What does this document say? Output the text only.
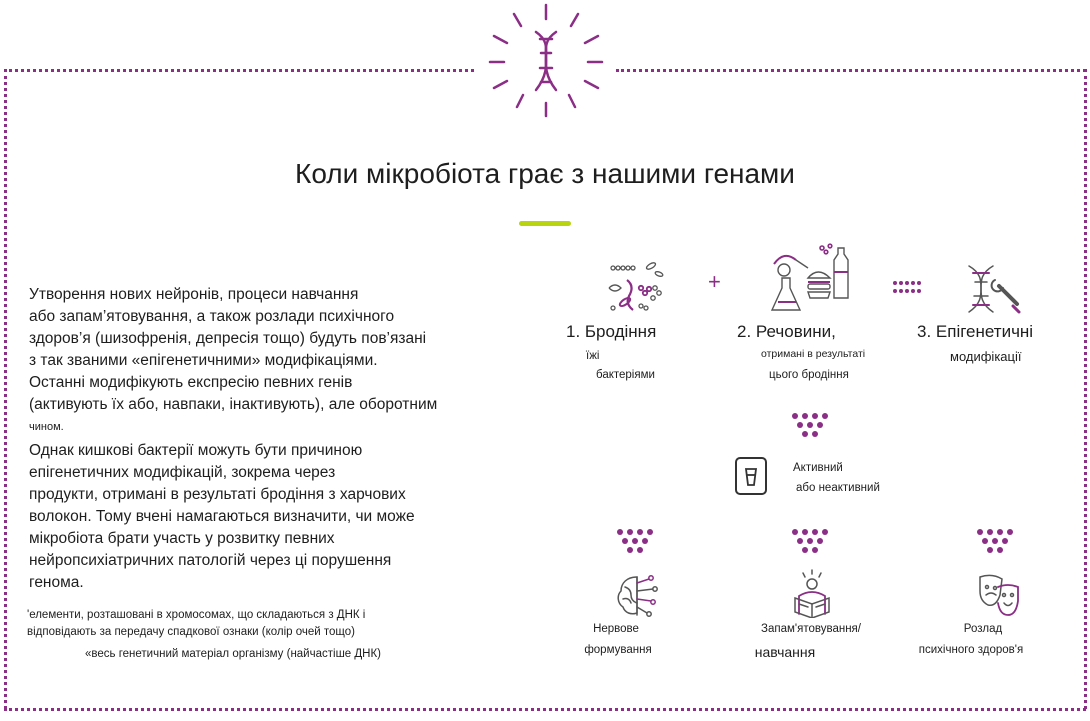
Коли мікробіота грає з нашими генами
Утворення нових нейронів, процеси навчання
або запам’ятовування, а також розлади психічного
здоров’я (шизофренія, депресія тощо) будуть пов’язані
з так званими «епігенетичними» модифікаціями.
Останні модифікують експресію певних генів
(активують їх або, навпаки, інактивують), але оборотним
чином.
Однак кишкові бактерії можуть бути причиною
епігенетичних модифікацій, зокрема через
продукти, отримані в результаті бродіння з харчових
волокон. Тому вчені намагаються визначити, чи може
мікробіота брати участь у розвитку певних
нейропсихіатричних патологій через ці порушення
генома.
'елементи, розташовані в хромосомах, що складаються з ДНК і
відповідають за передачу спадкової ознаки (колір очей тощо)
«весь генетичний матеріал організму (найчастіше ДНК)
1. Бродіння
їжі
бактеріями
+
2. Речовини,
отримані в результаті
цього бродіння
3. Епігенетичні
модифікації
Активний
або неактивний
Нервове
формування
Запам'ятовування/
навчання
Розлад
психічного здоров'я
